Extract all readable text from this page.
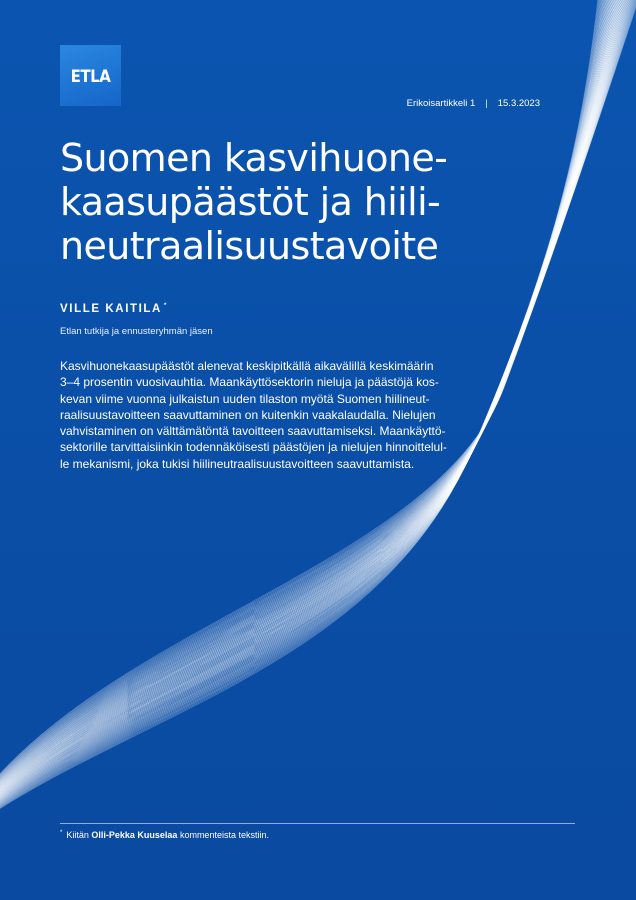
ETLA
Erikoisartikkeli 1 | 15.3.2023
Suomen kasvihuone-
kaasupäästöt ja hiili-
neutraalisuustavoite
VILLE KAITILA *
Etlan tutkija ja ennusteryhmän jäsen

Kasvihuonekaasupäästöt alenevat keskipitkällä aikavälillä keskimäärin
3–4 prosentin vuosivauhtia. Maankäyttösektorin nieluja ja päästöjä kos-
kevan viime vuonna julkaistun uuden tilaston myötä Suomen hiilineut-
raalisuustavoitteen saavuttaminen on kuitenkin vaakalaudalla. Nielujen
vahvistaminen on välttämätöntä tavoitteen saavuttamiseksi. Maankäyttö-
sektorille tarvittaisiinkin todennäköisesti päästöjen ja nielujen hinnoittelul-
le mekanismi, joka tukisi hiilineutraalisuustavoitteen saavuttamista.

* Kiitän Olli-Pekka Kuuselaa kommenteista tekstiin.
